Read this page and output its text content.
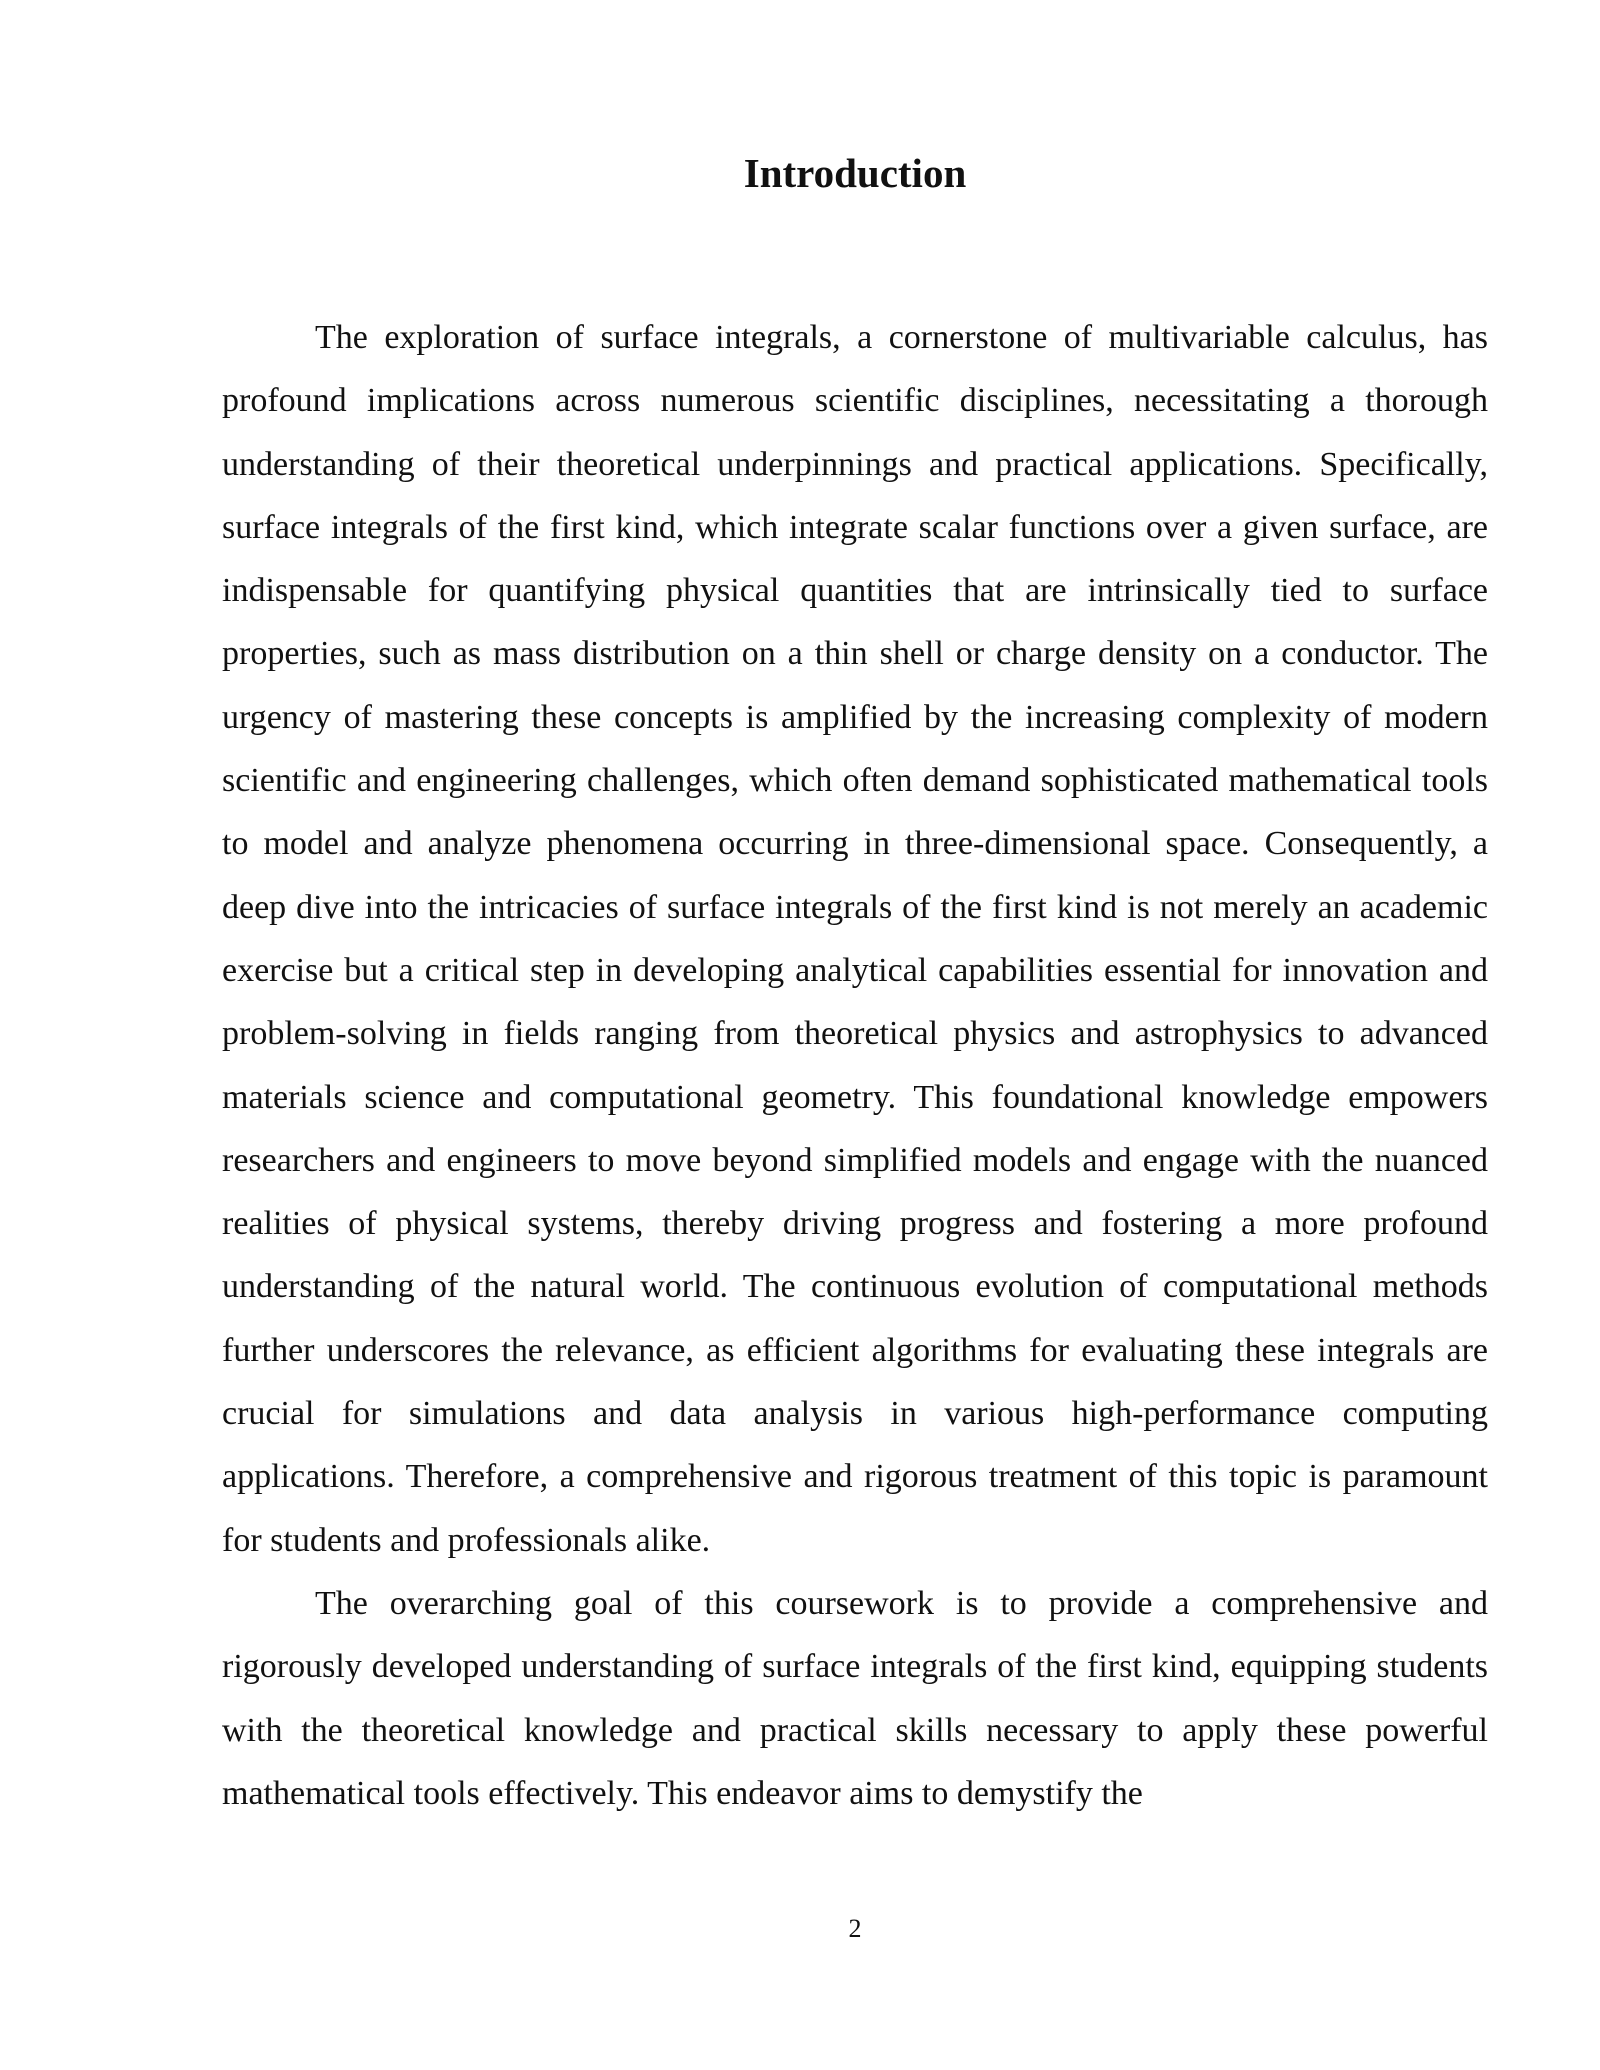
Introduction

The exploration of surface integrals, a cornerstone of multivariable calculus, has profound implications across numerous scientific disciplines, necessitating a thorough understanding of their theoretical underpinnings and practical applications. Specifically, surface integrals of the first kind, which integrate scalar functions over a given surface, are indispensable for quantifying physical quantities that are intrinsically tied to surface properties, such as mass distribution on a thin shell or charge density on a conductor. The urgency of mastering these concepts is amplified by the increasing complexity of modern scientific and engineering challenges, which often demand sophisticated mathematical tools to model and analyze phenomena occurring in three-dimensional space. Consequently, a deep dive into the intricacies of surface integrals of the first kind is not merely an academic exercise but a critical step in developing analytical capabilities essential for innovation and problem-solving in fields ranging from theoretical physics and astrophysics to advanced materials science and computational geometry. This foundational knowledge empowers researchers and engineers to move beyond simplified models and engage with the nuanced realities of physical systems, thereby driving progress and fostering a more profound understanding of the natural world. The continuous evolution of computational methods further underscores the relevance, as efficient algorithms for evaluating these integrals are crucial for simulations and data analysis in various high-performance computing applications. Therefore, a comprehensive and rigorous treatment of this topic is paramount for students and professionals alike.

The overarching goal of this coursework is to provide a comprehensive and rigorously developed understanding of surface integrals of the first kind, equipping students with the theoretical knowledge and practical skills necessary to apply these powerful mathematical tools effectively. This endeavor aims to demystify the

2
